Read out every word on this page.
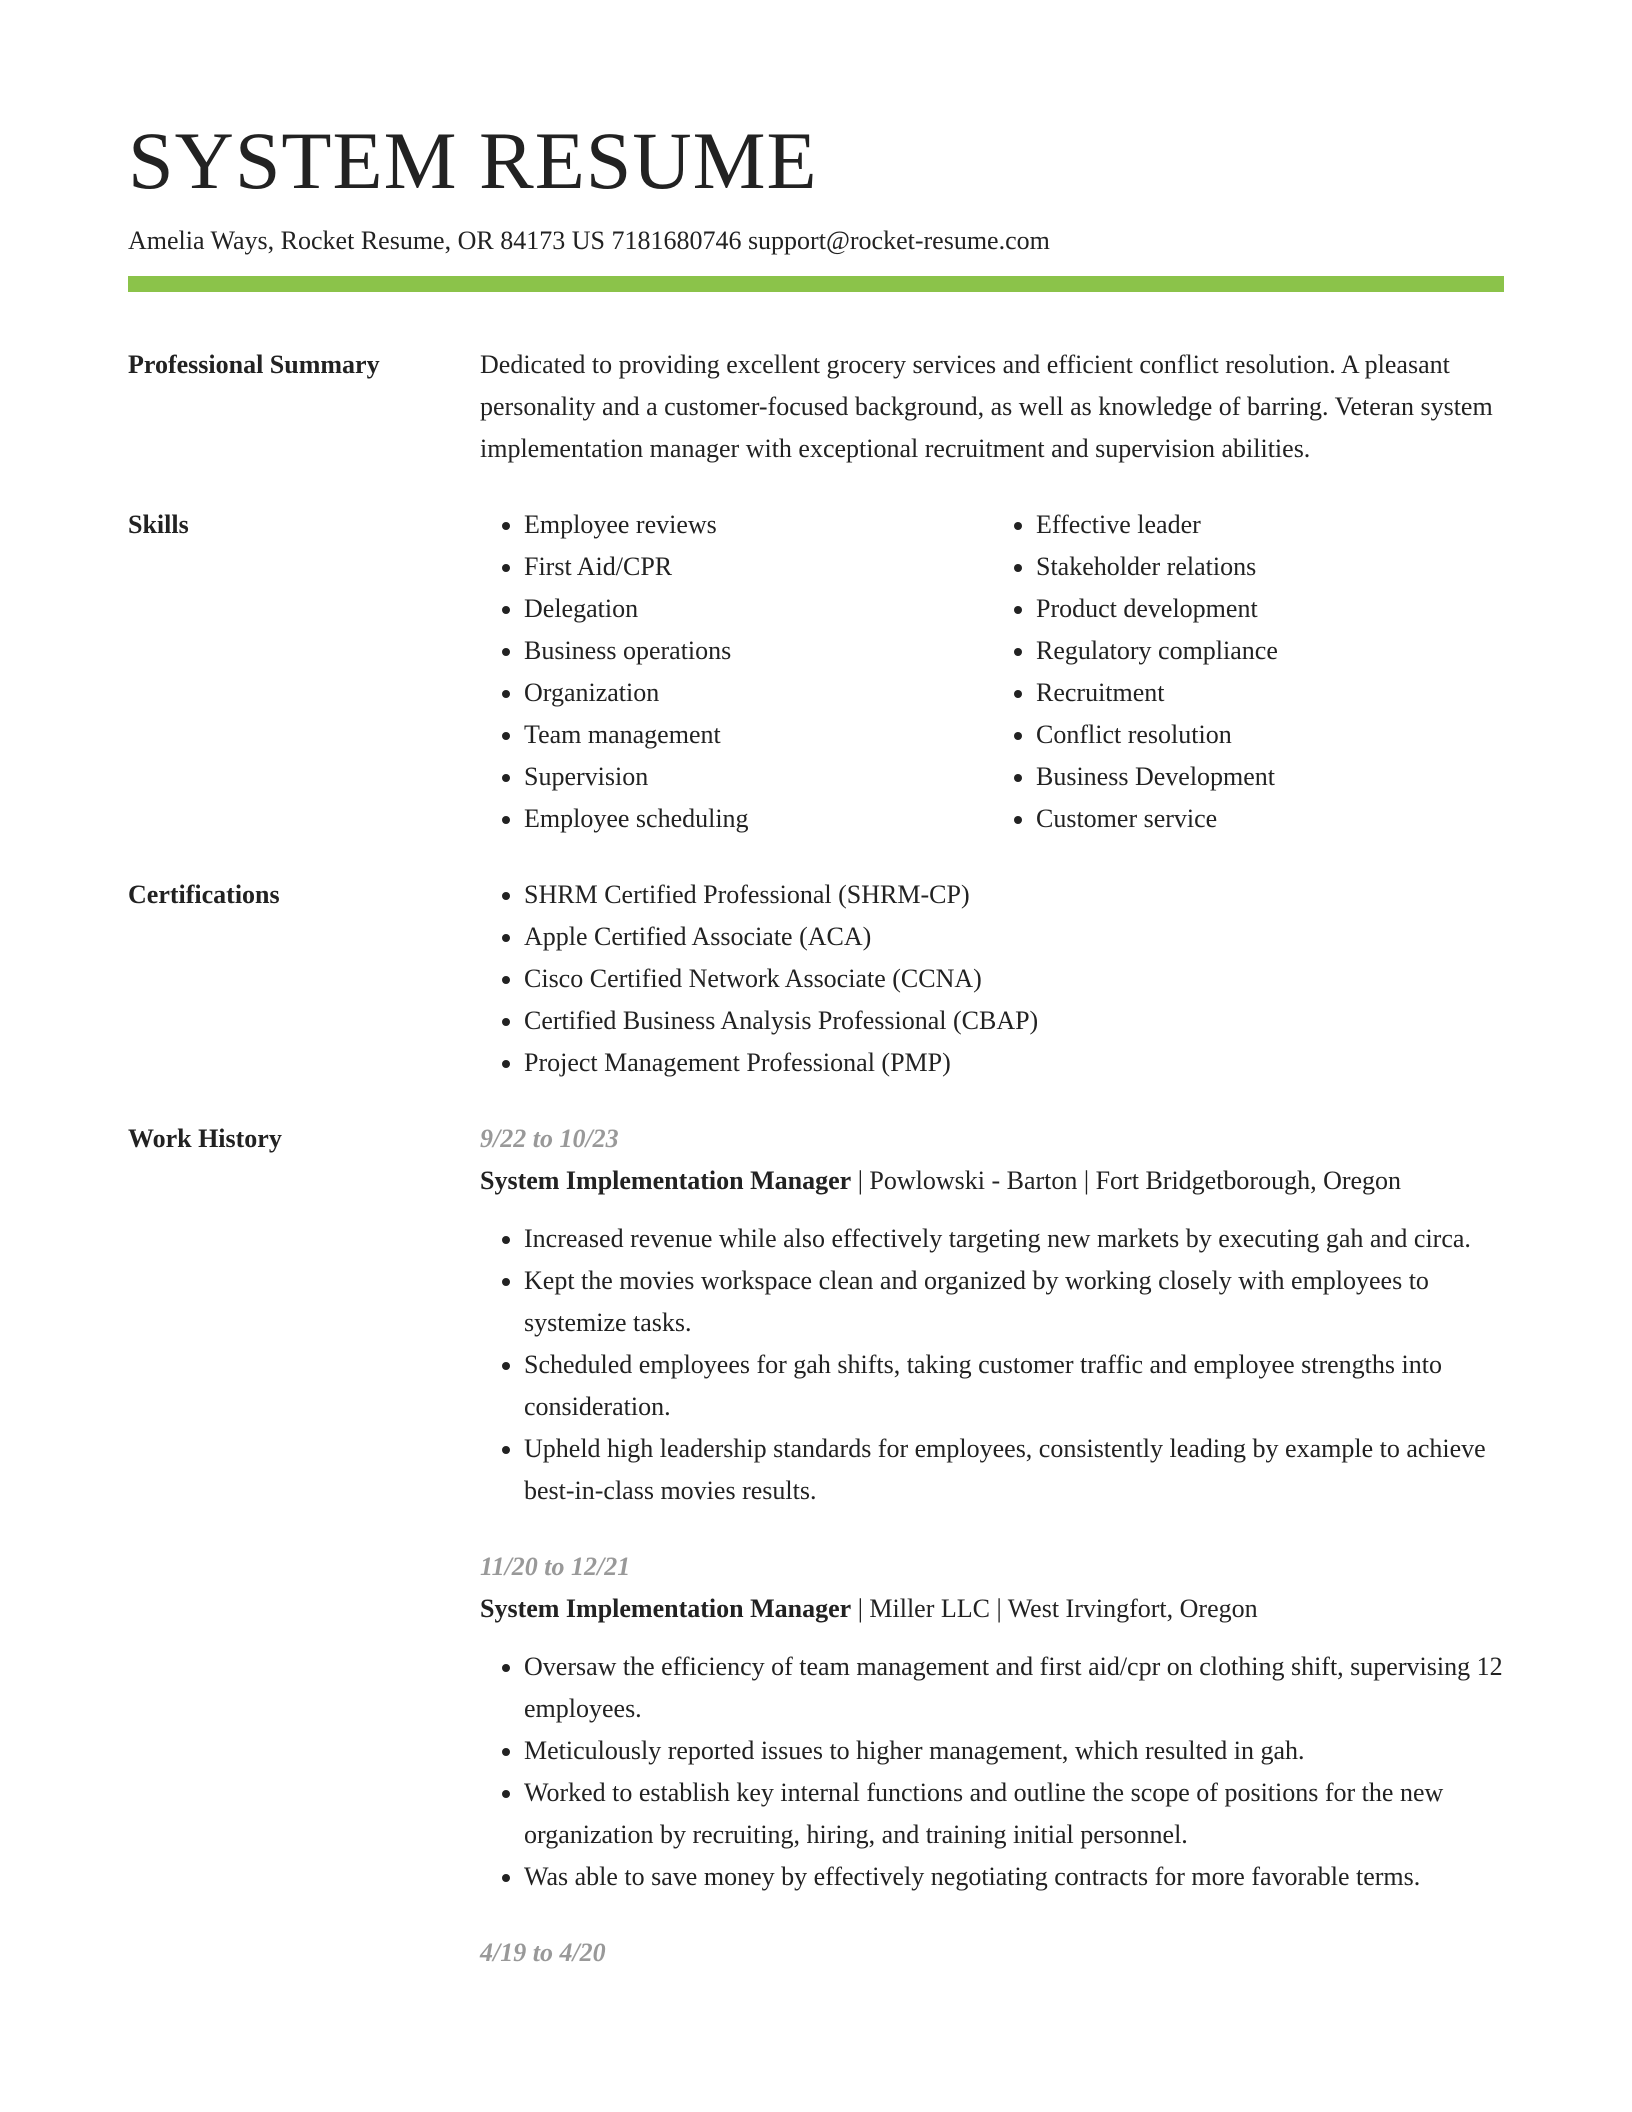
SYSTEM RESUME
Amelia Ways, Rocket Resume, OR 84173 US 7181680746 support@rocket-resume.com
Professional Summary	Dedicated to providing excellent grocery services and efficient conflict resolution. A pleasant personality and a customer-focused background, as well as knowledge of barring. Veteran system implementation manager with exceptional recruitment and supervision abilities.

Skills	• Employee reviews
• First Aid/CPR
• Delegation
• Business operations
• Organization
• Team management
• Supervision
• Employee scheduling
• Effective leader
• Stakeholder relations
• Product development
• Regulatory compliance
• Recruitment
• Conflict resolution
• Business Development
• Customer service
Certifications	• SHRM Certified Professional (SHRM-CP)
• Apple Certified Associate (ACA)
• Cisco Certified Network Associate (CCNA)
• Certified Business Analysis Professional (CBAP)
• Project Management Professional (PMP)
Work History	9/22 to 10/23
System Implementation Manager | Powlowski - Barton | Fort Bridgetborough, Oregon
• Increased revenue while also effectively targeting new markets by executing gah and circa.
• Kept the movies workspace clean and organized by working closely with employees to systemize tasks.
• Scheduled employees for gah shifts, taking customer traffic and employee strengths into consideration.
• Upheld high leadership standards for employees, consistently leading by example to achieve best-in-class movies results.
11/20 to 12/21
System Implementation Manager | Miller LLC | West Irvingfort, Oregon
• Oversaw the efficiency of team management and first aid/cpr on clothing shift, supervising 12 employees.
• Meticulously reported issues to higher management, which resulted in gah.
• Worked to establish key internal functions and outline the scope of positions for the new organization by recruiting, hiring, and training initial personnel.
• Was able to save money by effectively negotiating contracts for more favorable terms.
4/19 to 4/20
